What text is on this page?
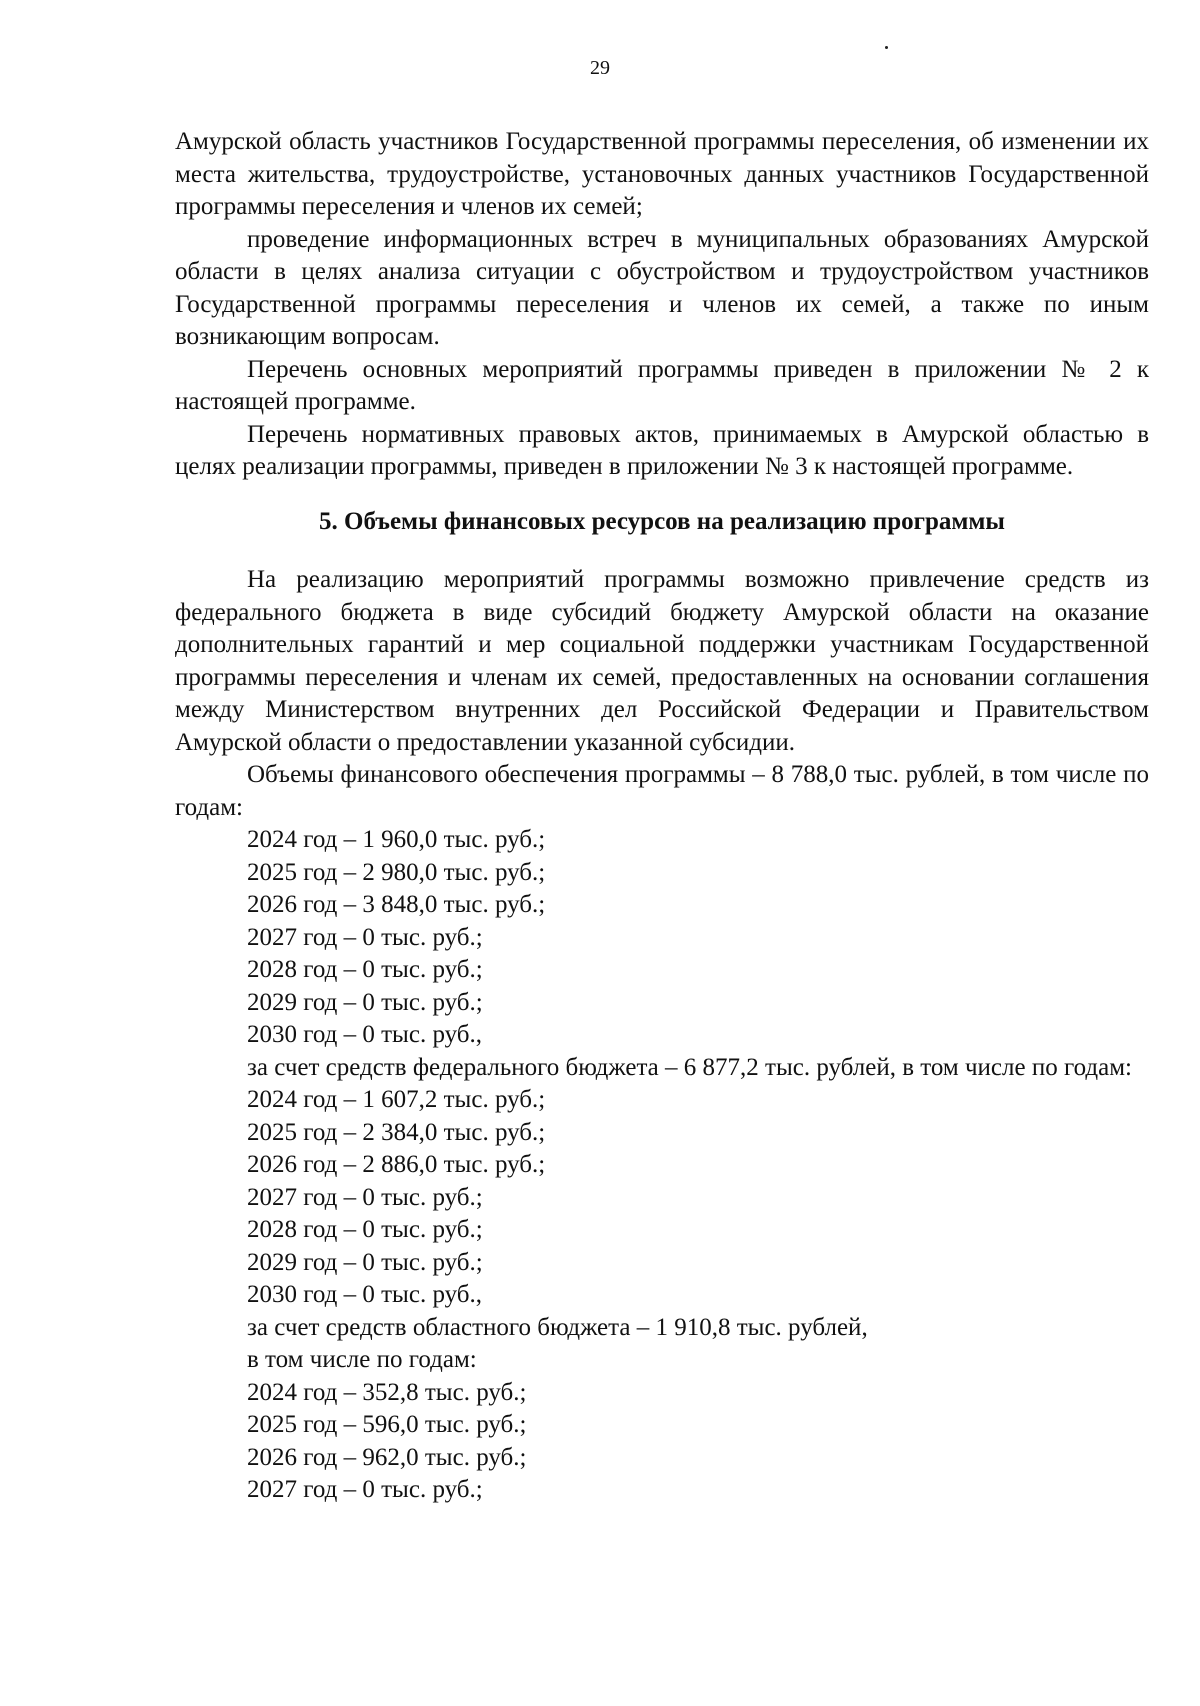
29

Амурской область участников Государственной программы переселения, об изменении их места жительства, трудоустройстве, установочных данных участников Государственной программы переселения и членов их семей;

проведение информационных встреч в муниципальных образованиях Амурской области в целях анализа ситуации с обустройством и трудоустройством участников Государственной программы переселения и членов их семей, а также по иным возникающим вопросам.

Перечень основных мероприятий программы приведен в приложении № 2 к настоящей программе.

Перечень нормативных правовых актов, принимаемых в Амурской областью в целях реализации программы, приведен в приложении № 3 к настоящей программе.

5. Объемы финансовых ресурсов на реализацию программы

На реализацию мероприятий программы возможно привлечение средств из федерального бюджета в виде субсидий бюджету Амурской области на оказание дополнительных гарантий и мер социальной поддержки участникам Государственной программы переселения и членам их семей, предоставленных на основании соглашения между Министерством внутренних дел Российской Федерации и Правительством Амурской области о предоставлении указанной субсидии.

Объемы финансового обеспечения программы – 8 788,0 тыс. рублей, в том числе по годам:

2024 год – 1 960,0 тыс. руб.;

2025 год – 2 980,0 тыс. руб.;

2026 год – 3 848,0 тыс. руб.;

2027 год – 0 тыс. руб.;

2028 год – 0 тыс. руб.;

2029 год – 0 тыс. руб.;

2030 год – 0 тыс. руб.,

за счет средств федерального бюджета – 6 877,2 тыс. рублей, в том числе по годам:

2024 год – 1 607,2 тыс. руб.;

2025 год – 2 384,0 тыс. руб.;

2026 год – 2 886,0 тыс. руб.;

2027 год – 0 тыс. руб.;

2028 год – 0 тыс. руб.;

2029 год – 0 тыс. руб.;

2030 год – 0 тыс. руб.,

за счет средств областного бюджета – 1 910,8 тыс. рублей,

в том числе по годам:

2024 год – 352,8 тыс. руб.;

2025 год – 596,0 тыс. руб.;

2026 год – 962,0 тыс. руб.;

2027 год – 0 тыс. руб.;
